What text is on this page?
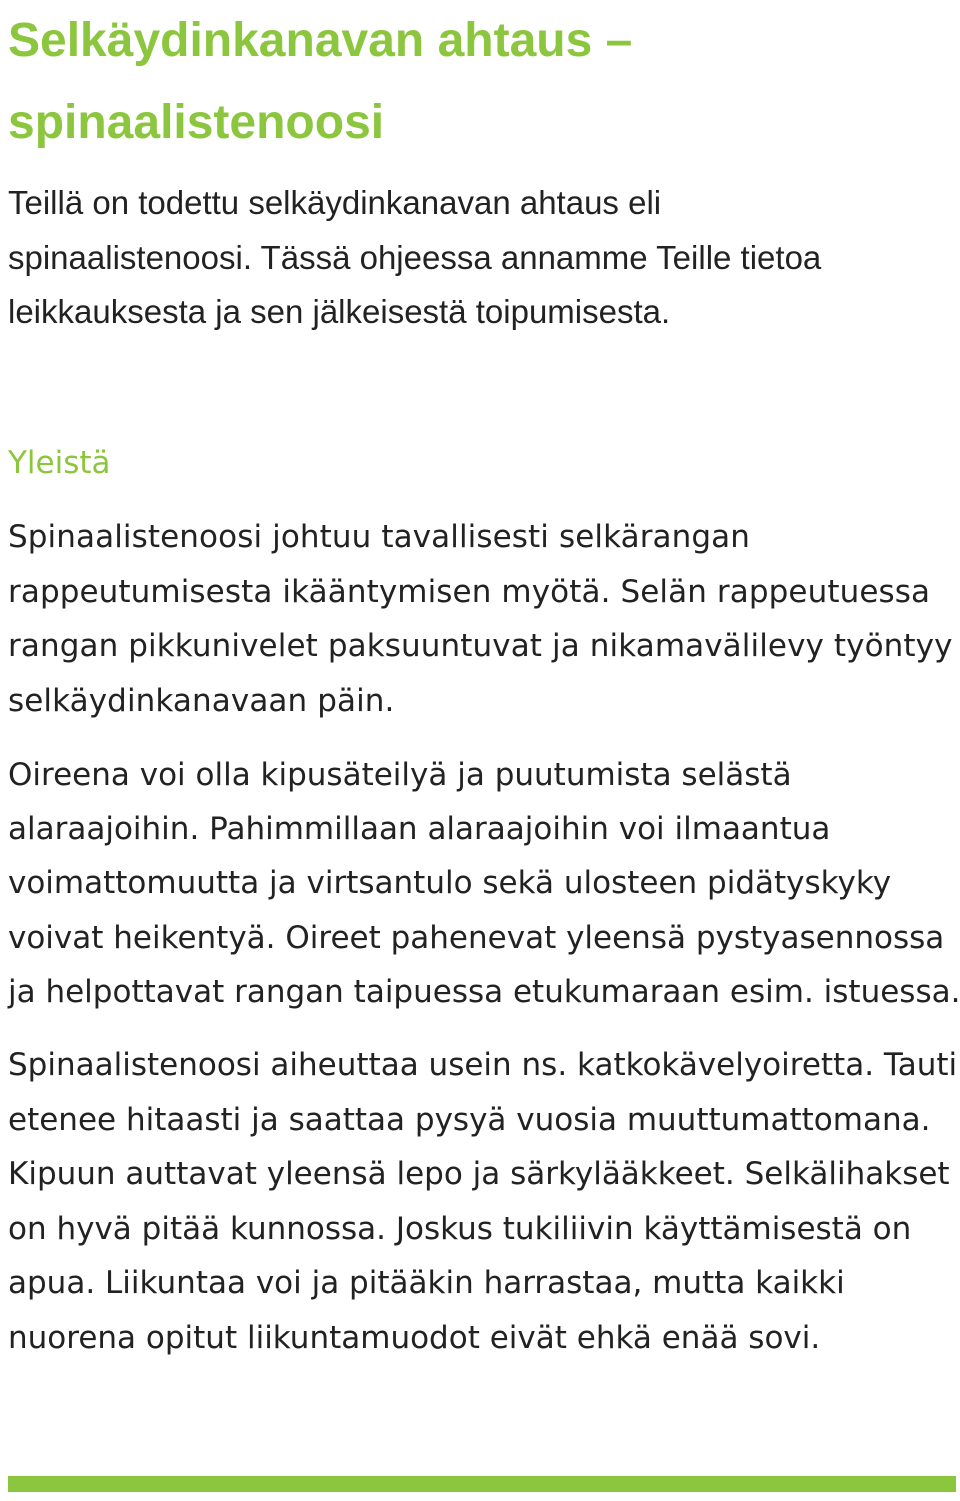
Selkäydinkanavan ahtaus –
spinaalistenoosi

Teillä on todettu selkäydinkanavan ahtaus eli
spinaalistenoosi. Tässä ohjeessa annamme Teille tietoa
leikkauksesta ja sen jälkeisestä toipumisesta.

Yleistä

Spinaalistenoosi johtuu tavallisesti selkärangan
rappeutumisesta ikääntymisen myötä. Selän rappeutuessa
rangan pikkunivelet paksuuntuvat ja nikamavälilevy työntyy
selkäydinkanavaan päin.

Oireena voi olla kipusäteilyä ja puutumista selästä
alaraajoihin. Pahimmillaan alaraajoihin voi ilmaantua
voimattomuutta ja virtsantulo sekä ulosteen pidätyskyky
voivat heikentyä. Oireet pahenevat yleensä pystyasennossa
ja helpottavat rangan taipuessa etukumaraan esim. istuessa.

Spinaalistenoosi aiheuttaa usein ns. katkokävelyoiretta. Tauti
etenee hitaasti ja saattaa pysyä vuosia muuttumattomana.
Kipuun auttavat yleensä lepo ja särkylääkkeet. Selkälihakset
on hyvä pitää kunnossa. Joskus tukiliivin käyttämisestä on
apua. Liikuntaa voi ja pitääkin harrastaa, mutta kaikki
nuorena opitut liikuntamuodot eivät ehkä enää sovi.
